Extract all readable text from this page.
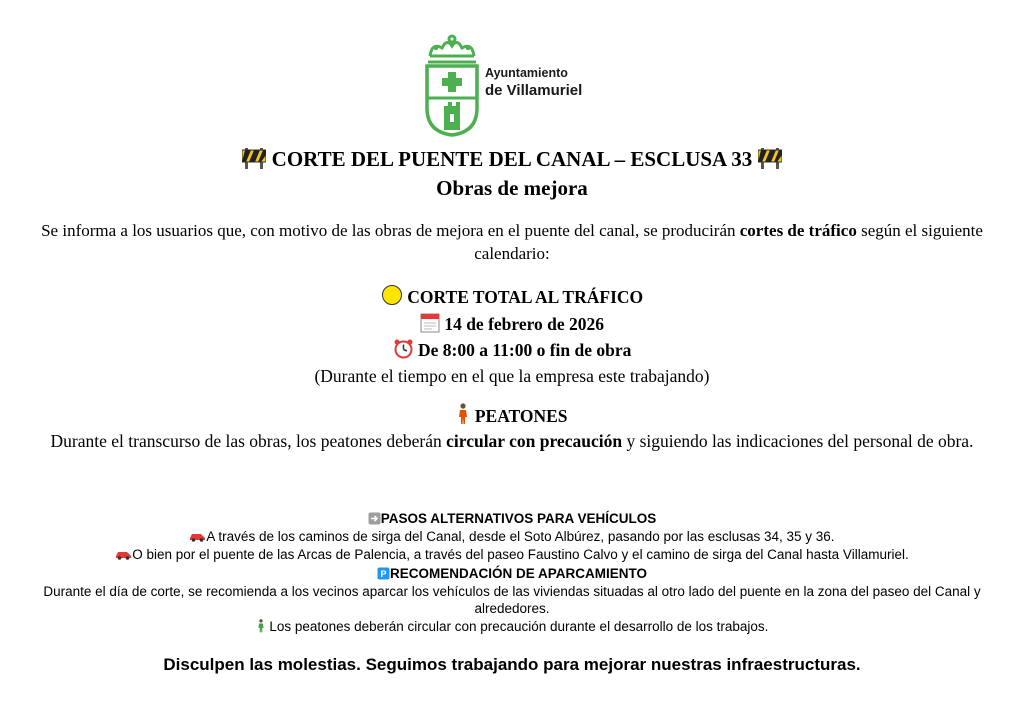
Ayuntamiento
de Villamuriel
CORTE DEL PUENTE DEL CANAL – ESCLUSA 33
Obras de mejora
Se informa a los usuarios que, con motivo de las obras de mejora en el puente del canal, se producirán cortes de tráfico según el siguiente calendario:
CORTE TOTAL AL TRÁFICO
14 de febrero de 2026
De 8:00 a 11:00 o fin de obra
(Durante el tiempo en el que la empresa este trabajando)
PEATONES
Durante el transcurso de las obras, los peatones deberán circular con precaución y siguiendo las indicaciones del personal de obra.
PASOS ALTERNATIVOS PARA VEHÍCULOS
A través de los caminos de sirga del Canal, desde el Soto Albúrez, pasando por las esclusas 34, 35 y 36.
O bien por el puente de las Arcas de Palencia, a través del paseo Faustino Calvo y el camino de sirga del Canal hasta Villamuriel.
P RECOMENDACIÓN DE APARCAMIENTO
Durante el día de corte, se recomienda a los vecinos aparcar los vehículos de las viviendas situadas al otro lado del puente en la zona del paseo del Canal y alrededores.
Los peatones deberán circular con precaución durante el desarrollo de los trabajos.
Disculpen las molestias. Seguimos trabajando para mejorar nuestras infraestructuras.
